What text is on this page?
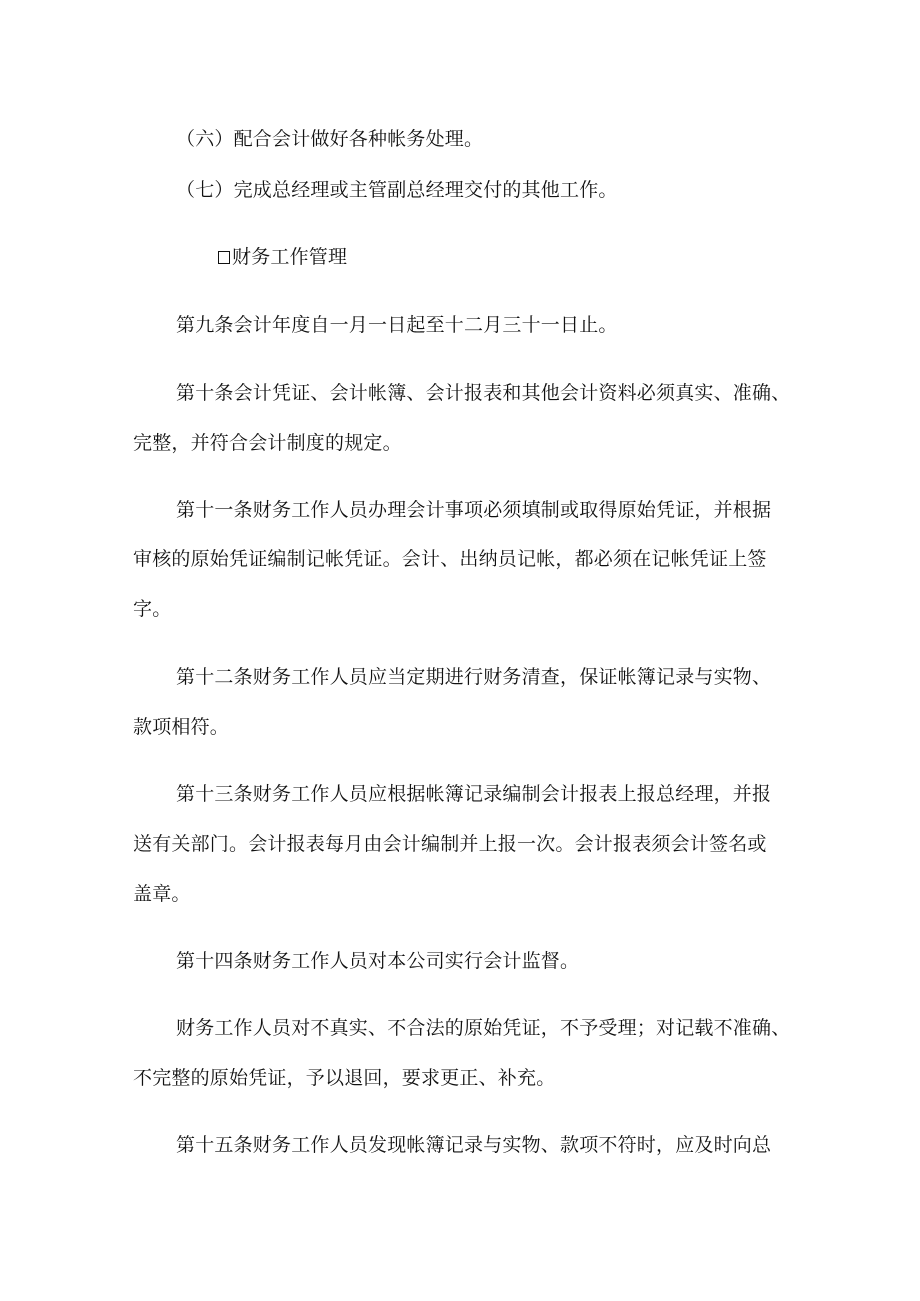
（六）配合会计做好各种帐务处理。
（七）完成总经理或主管副总经理交付的其他工作。
财务工作管理
第九条会计年度自一月一日起至十二月三十一日止。
第十条会计凭证、会计帐簿、会计报表和其他会计资料必须真实、准确、
完整，并符合会计制度的规定。
第十一条财务工作人员办理会计事项必须填制或取得原始凭证，并根据
审核的原始凭证编制记帐凭证。会计、出纳员记帐，都必须在记帐凭证上签
字。
第十二条财务工作人员应当定期进行财务清查，保证帐簿记录与实物、
款项相符。
第十三条财务工作人员应根据帐簿记录编制会计报表上报总经理，并报
送有关部门。会计报表每月由会计编制并上报一次。会计报表须会计签名或
盖章。
第十四条财务工作人员对本公司实行会计监督。
财务工作人员对不真实、不合法的原始凭证，不予受理；对记载不准确、
不完整的原始凭证，予以退回，要求更正、补充。
第十五条财务工作人员发现帐簿记录与实物、款项不符时，应及时向总
